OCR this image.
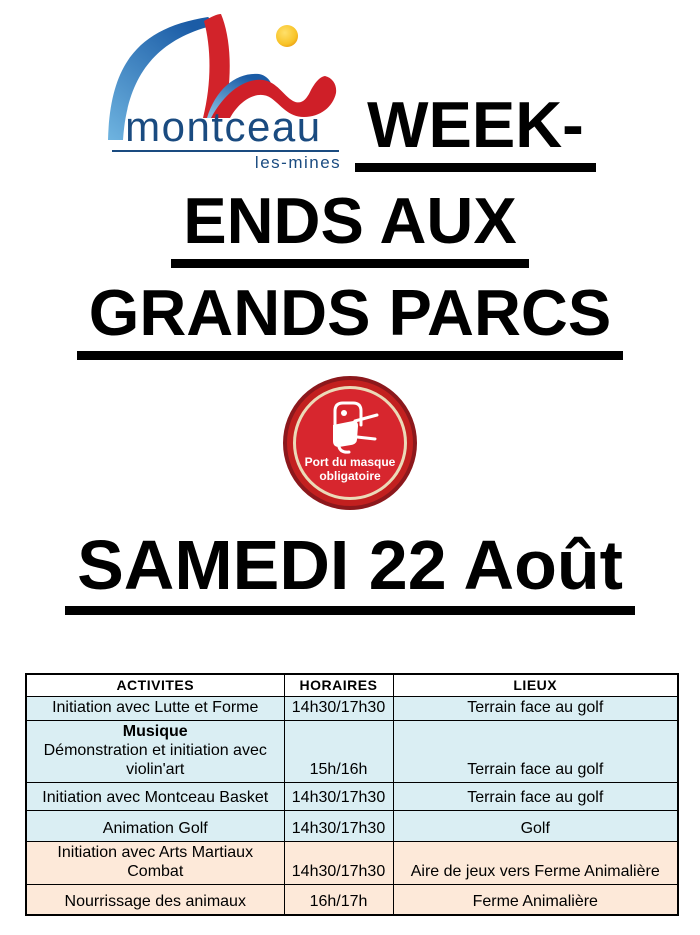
montceau
les-mines
WEEK-
ENDS AUX
GRANDS PARCS
Port du masque
obligatoire
SAMEDI 22 Août
ACTIVITES	HORAIRES	LIEUX
Initiation avec Lutte et Forme	14h30/17h30	Terrain face au golf

Musique
Démonstration et initiation avec violin'art	15h/16h	Terrain face au golf
Initiation avec Montceau Basket	14h30/17h30	Terrain face au golf
Animation Golf	14h30/17h30	Golf
Initiation avec Arts Martiaux Combat	14h30/17h30	Aire de jeux vers Ferme Animalière
Nourrissage des animaux	16h/17h	Ferme Animalière
